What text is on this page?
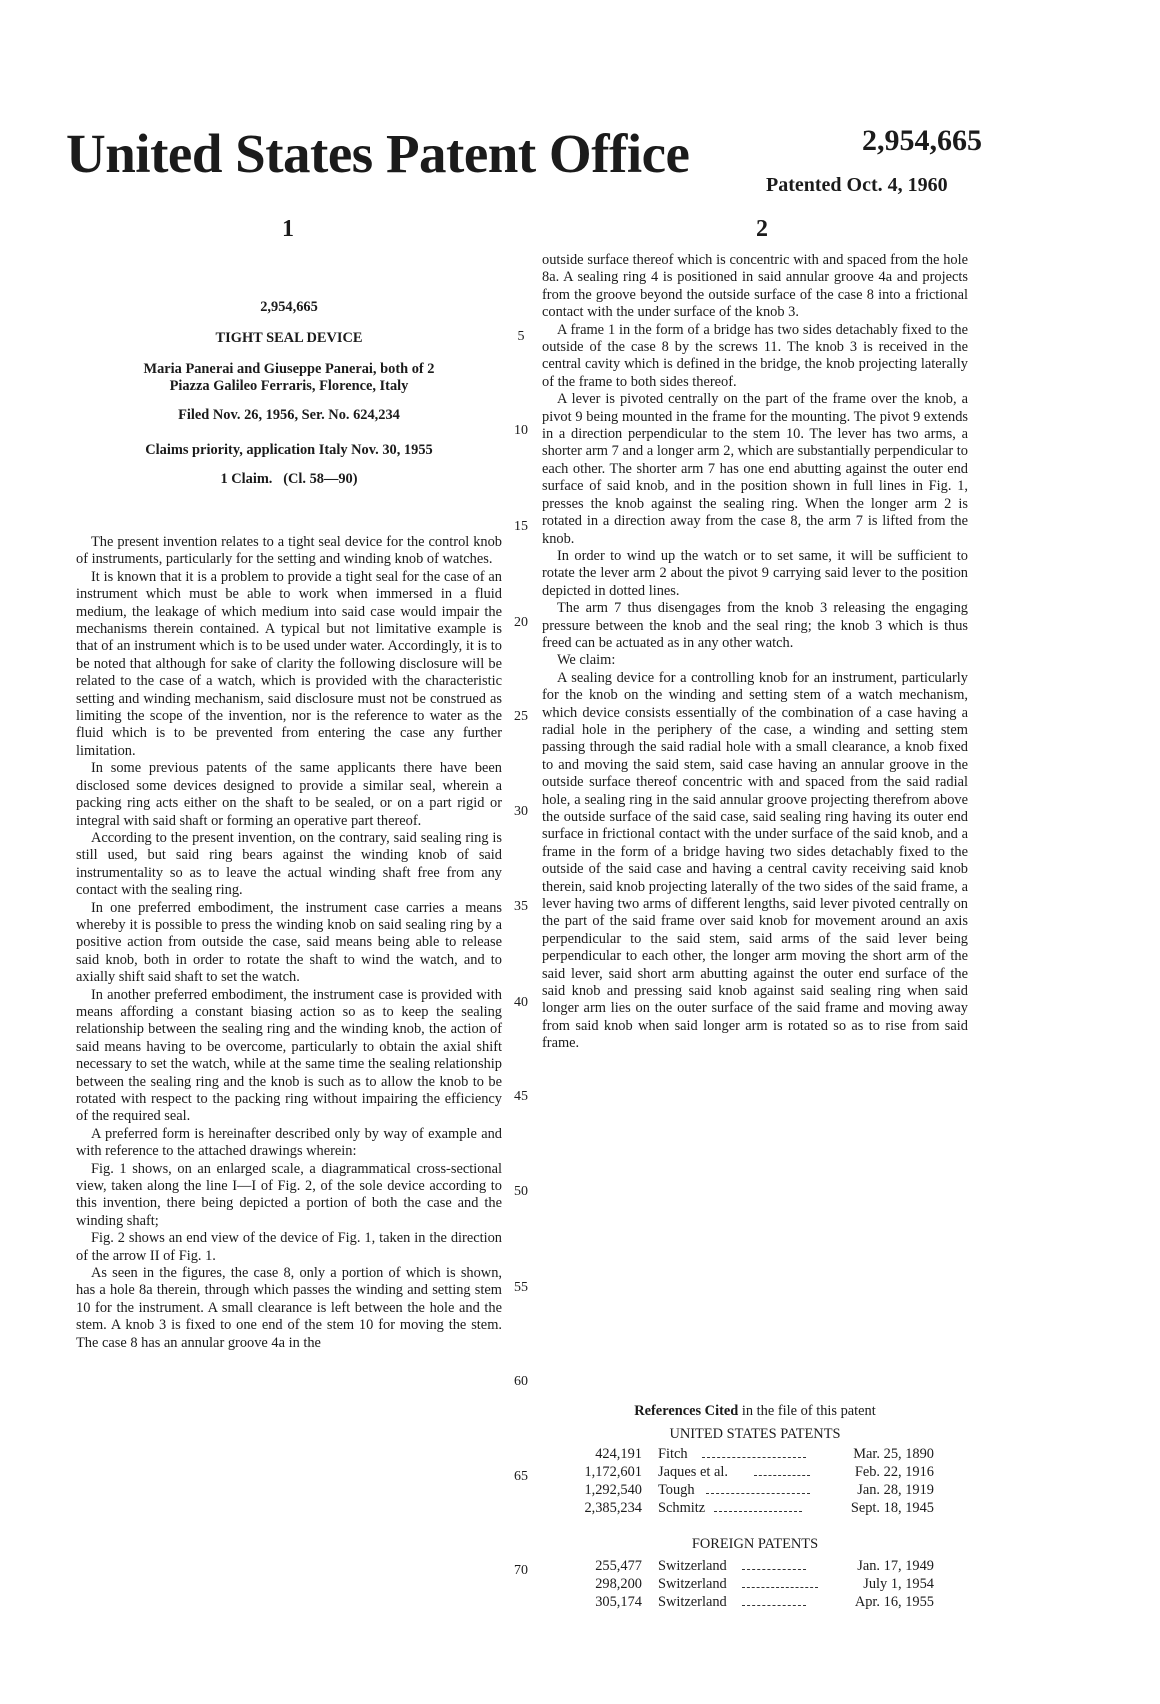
United States Patent Office	2,954,665
Patented Oct. 4, 1960
1	2
2,954,665
TIGHT SEAL DEVICE
Maria Panerai and Giuseppe Panerai, both of 2 Piazza Galileo Ferraris, Florence, Italy
Filed Nov. 26, 1956, Ser. No. 624,234
Claims priority, application Italy Nov. 30, 1955
1 Claim.   (Cl. 58—90)

The present invention relates to a tight seal device for the control knob of instruments, particularly for the setting and winding knob of watches.

It is known that it is a problem to provide a tight seal for the case of an instrument which must be able to work when immersed in a fluid medium, the leakage of which medium into said case would impair the mechanisms therein contained. A typical but not limitative example is that of an instrument which is to be used under water. Accordingly, it is to be noted that although for sake of clarity the following disclosure will be related to the case of a watch, which is provided with the characteristic setting and winding mechanism, said disclosure must not be construed as limiting the scope of the invention, nor is the reference to water as the fluid which is to be prevented from entering the case any further limitation.

In some previous patents of the same applicants there have been disclosed some devices designed to provide a similar seal, wherein a packing ring acts either on the shaft to be sealed, or on a part rigid or integral with said shaft or forming an operative part thereof.

According to the present invention, on the contrary, said sealing ring is still used, but said ring bears against the winding knob of said instrumentality so as to leave the actual winding shaft free from any contact with the sealing ring.

In one preferred embodiment, the instrument case carries a means whereby it is possible to press the winding knob on said sealing ring by a positive action from outside the case, said means being able to release said knob, both in order to rotate the shaft to wind the watch, and to axially shift said shaft to set the watch.

In another preferred embodiment, the instrument case is provided with means affording a constant biasing action so as to keep the sealing relationship between the sealing ring and the winding knob, the action of said means having to be overcome, particularly to obtain the axial shift necessary to set the watch, while at the same time the sealing relationship between the sealing ring and the knob is such as to allow the knob to be rotated with respect to the packing ring without impairing the efficiency of the required seal.

A preferred form is hereinafter described only by way of example and with reference to the attached drawings wherein:

Fig. 1 shows, on an enlarged scale, a diagrammatical cross-sectional view, taken along the line I—I of Fig. 2, of the sole device according to this invention, there being depicted a portion of both the case and the winding shaft;

Fig. 2 shows an end view of the device of Fig. 1, taken in the direction of the arrow II of Fig. 1.

As seen in the figures, the case 8, only a portion of which is shown, has a hole 8a therein, through which passes the winding and setting stem 10 for the instrument. A small clearance is left between the hole and the stem. A knob 3 is fixed to one end of the stem 10 for moving the stem. The case 8 has an annular groove 4a in the

outside surface thereof which is concentric with and spaced from the hole 8a. A sealing ring 4 is positioned in said annular groove 4a and projects from the groove beyond the outside surface of the case 8 into a frictional contact with the under surface of the knob 3.

A frame 1 in the form of a bridge has two sides detachably fixed to the outside of the case 8 by the screws 11. The knob 3 is received in the central cavity which is defined in the bridge, the knob projecting laterally of the frame to both sides thereof.

A lever is pivoted centrally on the part of the frame over the knob, a pivot 9 being mounted in the frame for the mounting. The pivot 9 extends in a direction perpendicular to the stem 10. The lever has two arms, a shorter arm 7 and a longer arm 2, which are substantially perpendicular to each other. The shorter arm 7 has one end abutting against the outer end surface of said knob, and in the position shown in full lines in Fig. 1, presses the knob against the sealing ring. When the longer arm 2 is rotated in a direction away from the case 8, the arm 7 is lifted from the knob.

In order to wind up the watch or to set same, it will be sufficient to rotate the lever arm 2 about the pivot 9 carrying said lever to the position depicted in dotted lines.

The arm 7 thus disengages from the knob 3 releasing the engaging pressure between the knob and the seal ring; the knob 3 which is thus freed can be actuated as in any other watch.

We claim:

A sealing device for a controlling knob for an instrument, particularly for the knob on the winding and setting stem of a watch mechanism, which device consists essentially of the combination of a case having a radial hole in the periphery of the case, a winding and setting stem passing through the said radial hole with a small clearance, a knob fixed to and moving the said stem, said case having an annular groove in the outside surface thereof concentric with and spaced from the said radial hole, a sealing ring in the said annular groove projecting therefrom above the outside surface of the said case, said sealing ring having its outer end surface in frictional contact with the under surface of the said knob, and a frame in the form of a bridge having two sides detachably fixed to the outside of the said case and having a central cavity receiving said knob therein, said knob projecting laterally of the two sides of the said frame, a lever having two arms of different lengths, said lever pivoted centrally on the part of the said frame over said knob for movement around an axis perpendicular to the said stem, said arms of the said lever being perpendicular to each other, the longer arm moving the short arm of the said lever, said short arm abutting against the outer end surface of the said knob and pressing said knob against said sealing ring when said longer arm lies on the outer surface of the said frame and moving away from said knob when said longer arm is rotated so as to rise from said frame.

5
10
15
20
25
30
35
40
45
50
55
60
65
70
References Cited in the file of this patent
UNITED STATES PATENTS
424,191 Fitch	Mar. 25, 1890
1,172,601 Jaques et al.	Feb. 22, 1916
1,292,540 Tough	Jan. 28, 1919
2,385,234 Schmitz	Sept. 18, 1945
FOREIGN PATENTS
255,477 Switzerland	Jan. 17, 1949
298,200 Switzerland	July 1, 1954
305,174 Switzerland	Apr. 16, 1955
